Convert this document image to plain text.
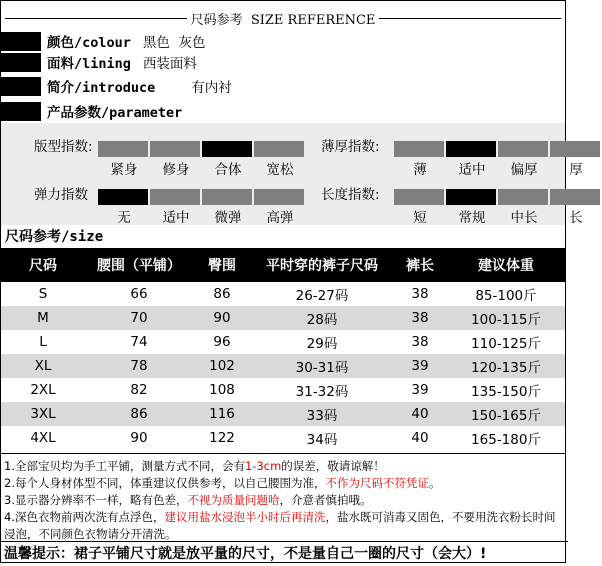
尺码参考  SIZE REFERENCE
颜色/colour 黑色  灰色
面料/lining 西装面料
简介/introduce	有内衬
产品参数/parameter
版型指数:
紧身	修身	合体	宽松
薄厚指数:
薄	适中	偏厚	厚
弹力指数
无	适中	微弹	高弹
长度指数:
短	常规	中长	长
尺码参考/size
尺码	腰围（平铺）	臀围	平时穿的裤子尺码	裤长	建议体重
S	66	86	26-27码	38	85-100斤
M	70	90	28码	38	100-115斤
L	74	96	29码	38	110-125斤
XL	78	102	30-31码	39	120-135斤
2XL	82	108	31-32码	39	135-150斤
3XL	86	116	33码	40	150-165斤
4XL	90	122	34码	40	165-180斤
1.全部宝贝均为手工平铺，测量方式不同，会有1-3cm的误差，敬请谅解！
2.每个人身材体型不同，体重建议仅供参考，以自己腰围为准，不作为尺码不符凭证。
3.显示器分辨率不一样，略有色差，不视为质量问题哈，介意者慎拍哦。
4.深色衣物前两次洗有点浮色，建议用盐水浸泡半小时后再清洗，盐水既可消毒又固色，不要用洗衣粉长时间浸泡，不同颜色衣物请分开清洗。
温馨提示：裙子平铺尺寸就是放平量的尺寸，不是量自己一圈的尺寸（会大）!
